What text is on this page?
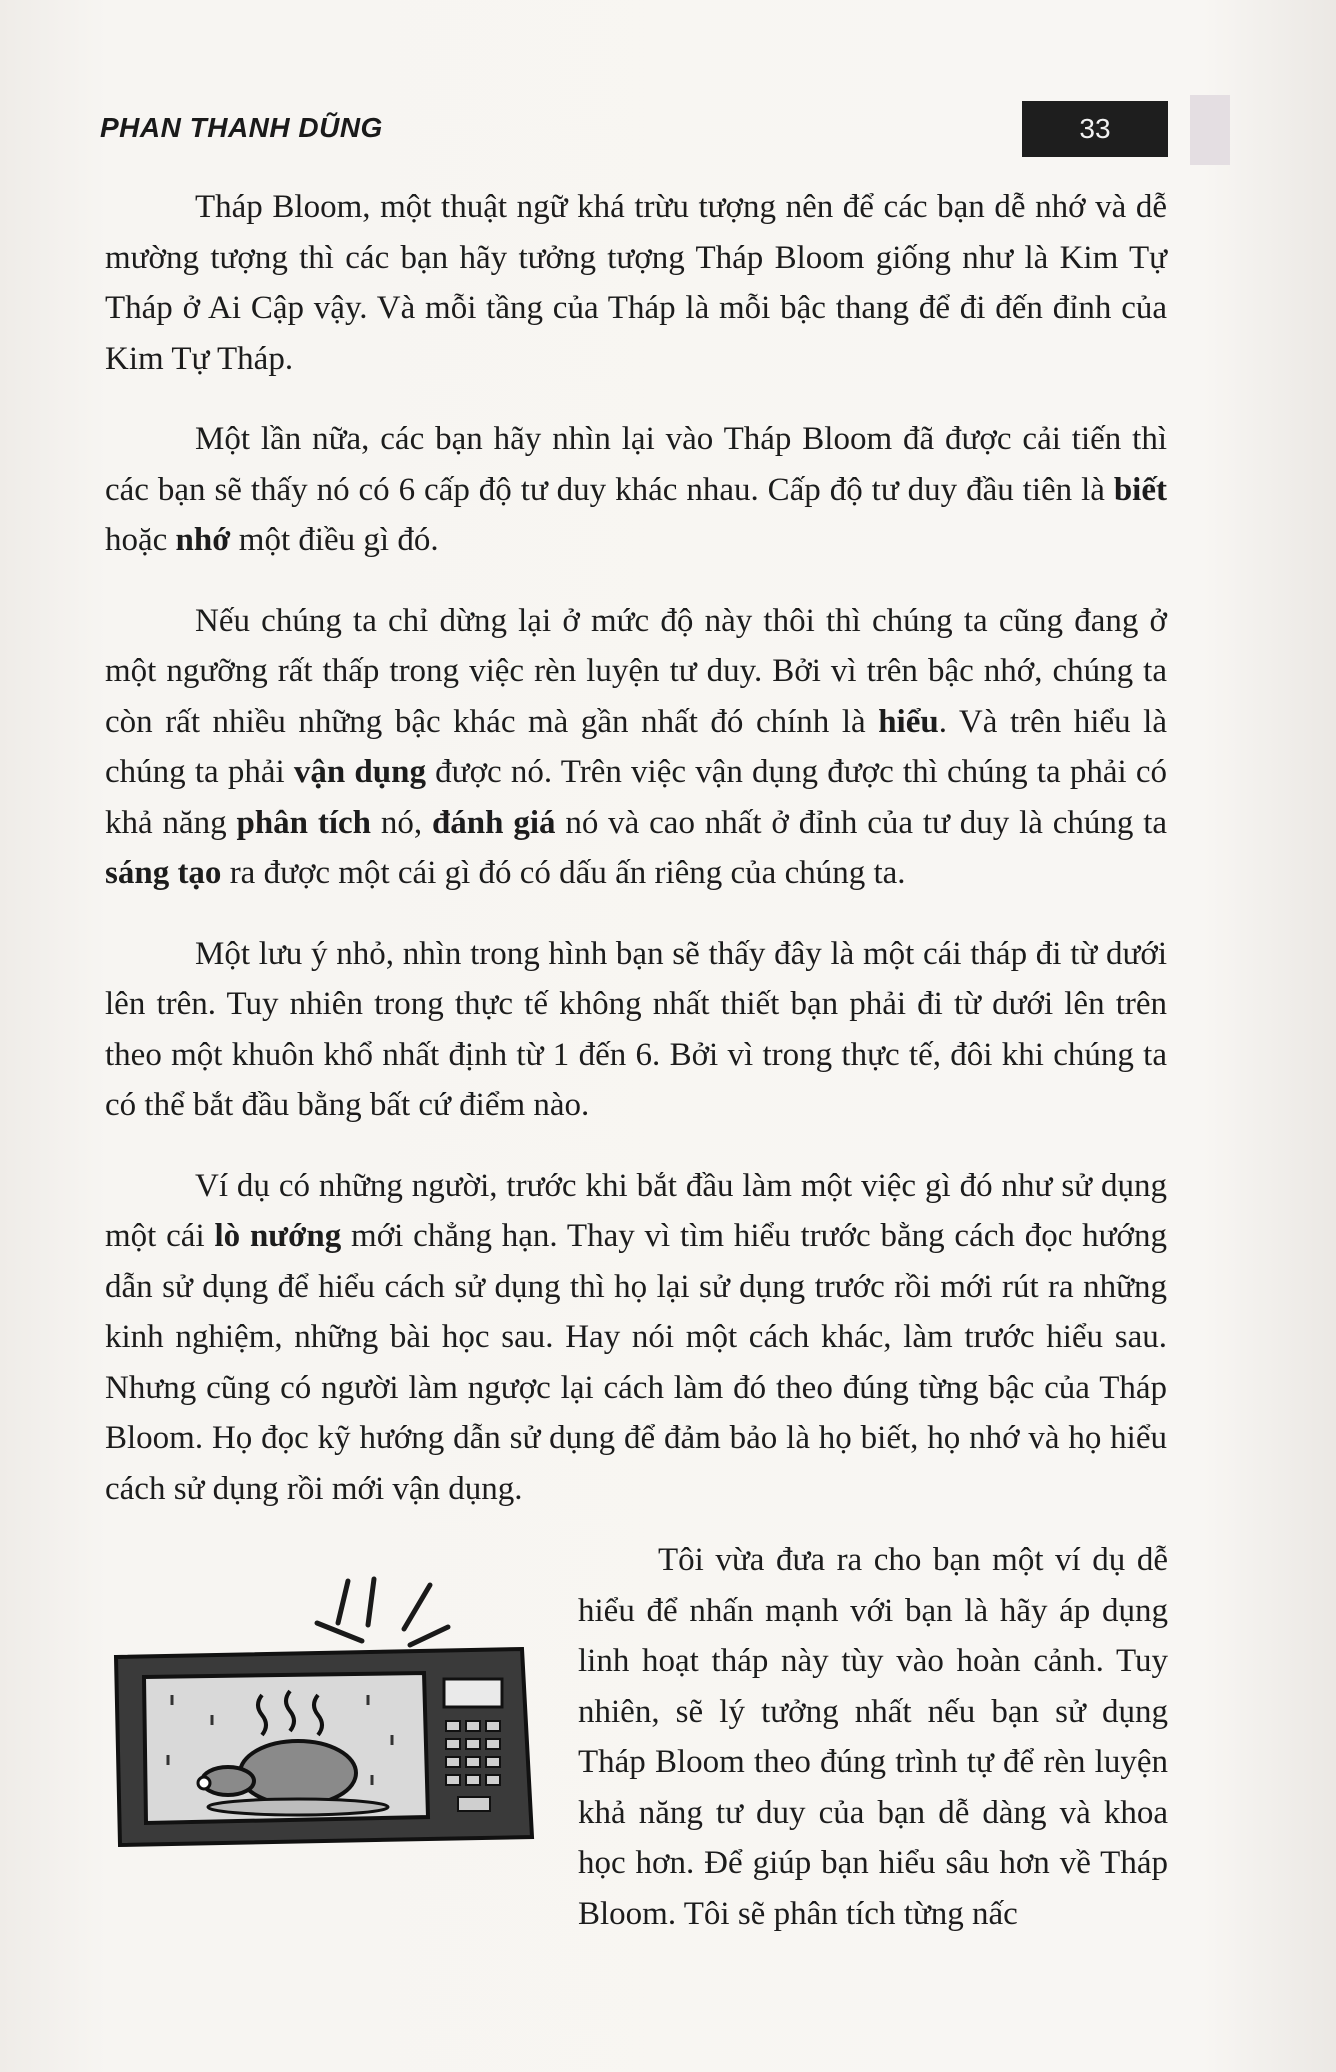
PHAN THANH DŨNG	33

Tháp Bloom, một thuật ngữ khá trừu tượng nên để các bạn dễ nhớ và dễ mường tượng thì các bạn hãy tưởng tượng Tháp Bloom giống như là Kim Tự Tháp ở Ai Cập vậy. Và mỗi tầng của Tháp là mỗi bậc thang để đi đến đỉnh của Kim Tự Tháp.

Một lần nữa, các bạn hãy nhìn lại vào Tháp Bloom đã được cải tiến thì các bạn sẽ thấy nó có 6 cấp độ tư duy khác nhau. Cấp độ tư duy đầu tiên là biết hoặc nhớ một điều gì đó.

Nếu chúng ta chỉ dừng lại ở mức độ này thôi thì chúng ta cũng đang ở một ngưỡng rất thấp trong việc rèn luyện tư duy. Bởi vì trên bậc nhớ, chúng ta còn rất nhiều những bậc khác mà gần nhất đó chính là hiểu. Và trên hiểu là chúng ta phải vận dụng được nó. Trên việc vận dụng được thì chúng ta phải có khả năng phân tích nó, đánh giá nó và cao nhất ở đỉnh của tư duy là chúng ta sáng tạo ra được một cái gì đó có dấu ấn riêng của chúng ta.

Một lưu ý nhỏ, nhìn trong hình bạn sẽ thấy đây là một cái tháp đi từ dưới lên trên. Tuy nhiên trong thực tế không nhất thiết bạn phải đi từ dưới lên trên theo một khuôn khổ nhất định từ 1 đến 6. Bởi vì trong thực tế, đôi khi chúng ta có thể bắt đầu bằng bất cứ điểm nào.

Ví dụ có những người, trước khi bắt đầu làm một việc gì đó như sử dụng một cái lò nướng mới chẳng hạn. Thay vì tìm hiểu trước bằng cách đọc hướng dẫn sử dụng để hiểu cách sử dụng thì họ lại sử dụng trước rồi mới rút ra những kinh nghiệm, những bài học sau. Hay nói một cách khác, làm trước hiểu sau. Nhưng cũng có người làm ngược lại cách làm đó theo đúng từng bậc của Tháp Bloom. Họ đọc kỹ hướng dẫn sử dụng để đảm bảo là họ biết, họ nhớ và họ hiểu cách sử dụng rồi mới vận dụng.

Tôi vừa đưa ra cho bạn một ví dụ dễ hiểu để nhấn mạnh với bạn là hãy áp dụng linh hoạt tháp này tùy vào hoàn cảnh. Tuy nhiên, sẽ lý tưởng nhất nếu bạn sử dụng Tháp Bloom theo đúng trình tự để rèn luyện khả năng tư duy của bạn dễ dàng và khoa học hơn. Để giúp bạn hiểu sâu hơn về Tháp Bloom. Tôi sẽ phân tích từng nấc
